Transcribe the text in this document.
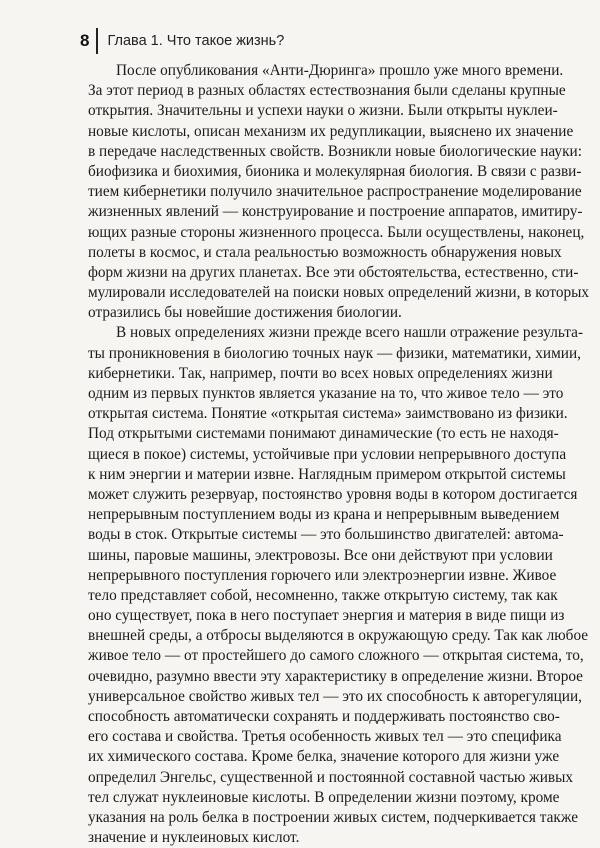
8 Глава 1. Что такое жизнь?
После опубликования «Анти-Дюринга» прошло уже много времени.
За этот период в разных областях естествознания были сделаны крупные
открытия. Значительны и успехи науки о жизни. Были открыты нуклеи-
новые кислоты, описан механизм их редупликации, выяснено их значение
в передаче наследственных свойств. Возникли новые биологические науки:
биофизика и биохимия, бионика и молекулярная биология. В связи с разви-
тием кибернетики получило значительное распространение моделирование
жизненных явлений — конструирование и построение аппаратов, имитиру-
ющих разные стороны жизненного процесса. Были осуществлены, наконец,
полеты в космос, и стала реальностью возможность обнаружения новых
форм жизни на других планетах. Все эти обстоятельства, естественно, сти-
мулировали исследователей на поиски новых определений жизни, в которых
отразились бы новейшие достижения биологии.
В новых определениях жизни прежде всего нашли отражение результа-
ты проникновения в биологию точных наук — физики, математики, химии,
кибернетики. Так, например, почти во всех новых определениях жизни
одним из первых пунктов является указание на то, что живое тело — это
открытая система. Понятие «открытая система» заимствовано из физики.
Под открытыми системами понимают динамические (то есть не находя-
щиеся в покое) системы, устойчивые при условии непрерывного доступа
к ним энергии и материи извне. Наглядным примером открытой системы
может служить резервуар, постоянство уровня воды в котором достигается
непрерывным поступлением воды из крана и непрерывным выведением
воды в сток. Открытые системы — это большинство двигателей: автома-
шины, паровые машины, электровозы. Все они действуют при условии
непрерывного поступления горючего или электроэнергии извне. Живое
тело представляет собой, несомненно, также открытую систему, так как
оно существует, пока в него поступает энергия и материя в виде пищи из
внешней среды, а отбросы выделяются в окружающую среду. Так как любое
живое тело — от простейшего до самого сложного — открытая система, то,
очевидно, разумно ввести эту характеристику в определение жизни. Второе
универсальное свойство живых тел — это их способность к авторегуляции,
способность автоматически сохранять и поддерживать постоянство сво-
его состава и свойства. Третья особенность живых тел — это специфика
их химического состава. Кроме белка, значение которого для жизни уже
определил Энгельс, существенной и постоянной составной частью живых
тел служат нуклеиновые кислоты. В определении жизни поэтому, кроме
указания на роль белка в построении живых систем, подчеркивается также
значение и нуклеиновых кислот.
